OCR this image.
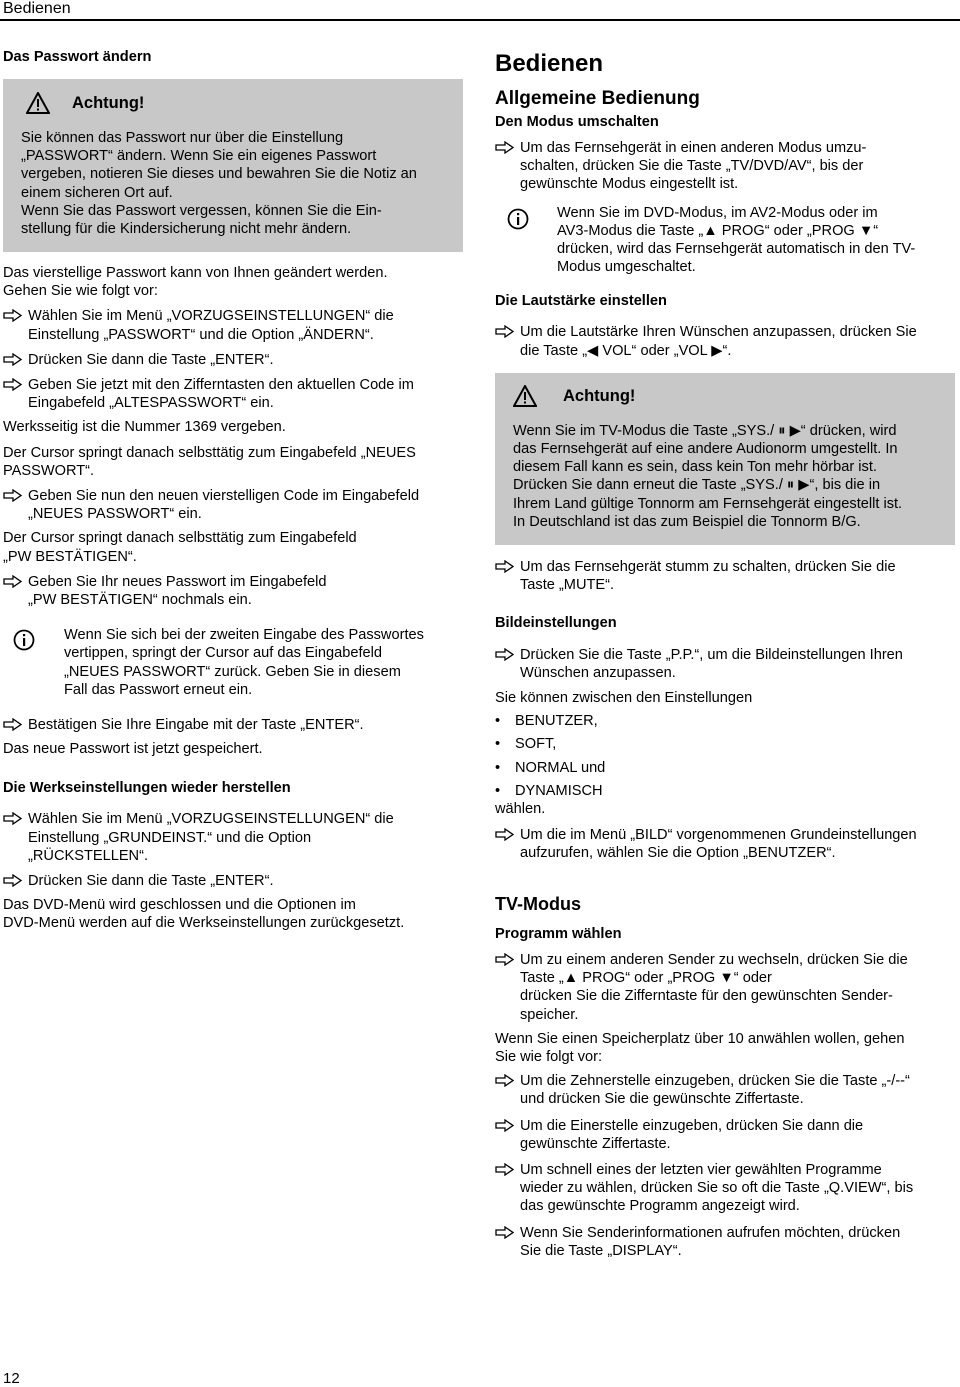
Bedienen
Das Passwort ändern
Achtung!
Sie können das Passwort nur über die Einstellung
„PASSWORT“ ändern. Wenn Sie ein eigenes Passwort
vergeben, notieren Sie dieses und bewahren Sie die Notiz an
einem sicheren Ort auf.
Wenn Sie das Passwort vergessen, können Sie die Ein-
stellung für die Kindersicherung nicht mehr ändern.
Das vierstellige Passwort kann von Ihnen geändert werden.
Gehen Sie wie folgt vor:
Wählen Sie im Menü „VORZUGSEINSTELLUNGEN“ die
Einstellung „PASSWORT“ und die Option „ÄNDERN“.
Drücken Sie dann die Taste „ENTER“.
Geben Sie jetzt mit den Zifferntasten den aktuellen Code im
Eingabefeld „ALTESPASSWORT“ ein.
Werksseitig ist die Nummer 1369 vergeben.
Der Cursor springt danach selbsttätig zum Eingabefeld „NEUES
PASSWORT“.
Geben Sie nun den neuen vierstelligen Code im Eingabefeld
„NEUES PASSWORT“ ein.
Der Cursor springt danach selbsttätig zum Eingabefeld
„PW BESTÄTIGEN“.
Geben Sie Ihr neues Passwort im Eingabefeld
„PW BESTÄTIGEN“ nochmals ein.
Wenn Sie sich bei der zweiten Eingabe des Passwortes
vertippen, springt der Cursor auf das Eingabefeld
„NEUES PASSWORT“ zurück. Geben Sie in diesem
Fall das Passwort erneut ein.
Bestätigen Sie Ihre Eingabe mit der Taste „ENTER“.
Das neue Passwort ist jetzt gespeichert.
Die Werkseinstellungen wieder herstellen
Wählen Sie im Menü „VORZUGSEINSTELLUNGEN“ die
Einstellung „GRUNDEINST.“ und die Option
„RÜCKSTELLEN“.
Drücken Sie dann die Taste „ENTER“.
Das DVD-Menü wird geschlossen und die Optionen im
DVD-Menü werden auf die Werkseinstellungen zurückgesetzt.
Bedienen
Allgemeine Bedienung
Den Modus umschalten
Um das Fernsehgerät in einen anderen Modus umzu-
schalten, drücken Sie die Taste „TV/DVD/AV“, bis der
gewünschte Modus eingestellt ist.
Wenn Sie im DVD-Modus, im AV2-Modus oder im
AV3-Modus die Taste „▲ PROG“ oder „PROG ▼“
drücken, wird das Fernsehgerät automatisch in den TV-
Modus umgeschaltet.
Die Lautstärke einstellen
Um die Lautstärke Ihren Wünschen anzupassen, drücken Sie
die Taste „◀ VOL“ oder „VOL ▶“.
Achtung!
Wenn Sie im TV-Modus die Taste „SYS./ ⏸ ▶“ drücken, wird
das Fernsehgerät auf eine andere Audionorm umgestellt. In
diesem Fall kann es sein, dass kein Ton mehr hörbar ist.
Drücken Sie dann erneut die Taste „SYS./ ⏸ ▶“, bis die in
Ihrem Land gültige Tonnorm am Fernsehgerät eingestellt ist.
In Deutschland ist das zum Beispiel die Tonnorm B/G.
Um das Fernsehgerät stumm zu schalten, drücken Sie die
Taste „MUTE“.
Bildeinstellungen
Drücken Sie die Taste „P.P.“, um die Bildeinstellungen Ihren
Wünschen anzupassen.
Sie können zwischen den Einstellungen
• BENUTZER,
• SOFT,
• NORMAL und
• DYNAMISCH
wählen.
Um die im Menü „BILD“ vorgenommenen Grundeinstellungen
aufzurufen, wählen Sie die Option „BENUTZER“.
TV-Modus
Programm wählen
Um zu einem anderen Sender zu wechseln, drücken Sie die
Taste „▲ PROG“ oder „PROG ▼“ oder
drücken Sie die Zifferntaste für den gewünschten Sender-
speicher.
Wenn Sie einen Speicherplatz über 10 anwählen wollen, gehen
Sie wie folgt vor:
Um die Zehnerstelle einzugeben, drücken Sie die Taste „-/--“
und drücken Sie die gewünschte Ziffertaste.
Um die Einerstelle einzugeben, drücken Sie dann die
gewünschte Ziffertaste.
Um schnell eines der letzten vier gewählten Programme
wieder zu wählen, drücken Sie so oft die Taste „Q.VIEW“, bis
das gewünschte Programm angezeigt wird.
Wenn Sie Senderinformationen aufrufen möchten, drücken
Sie die Taste „DISPLAY“.
12
